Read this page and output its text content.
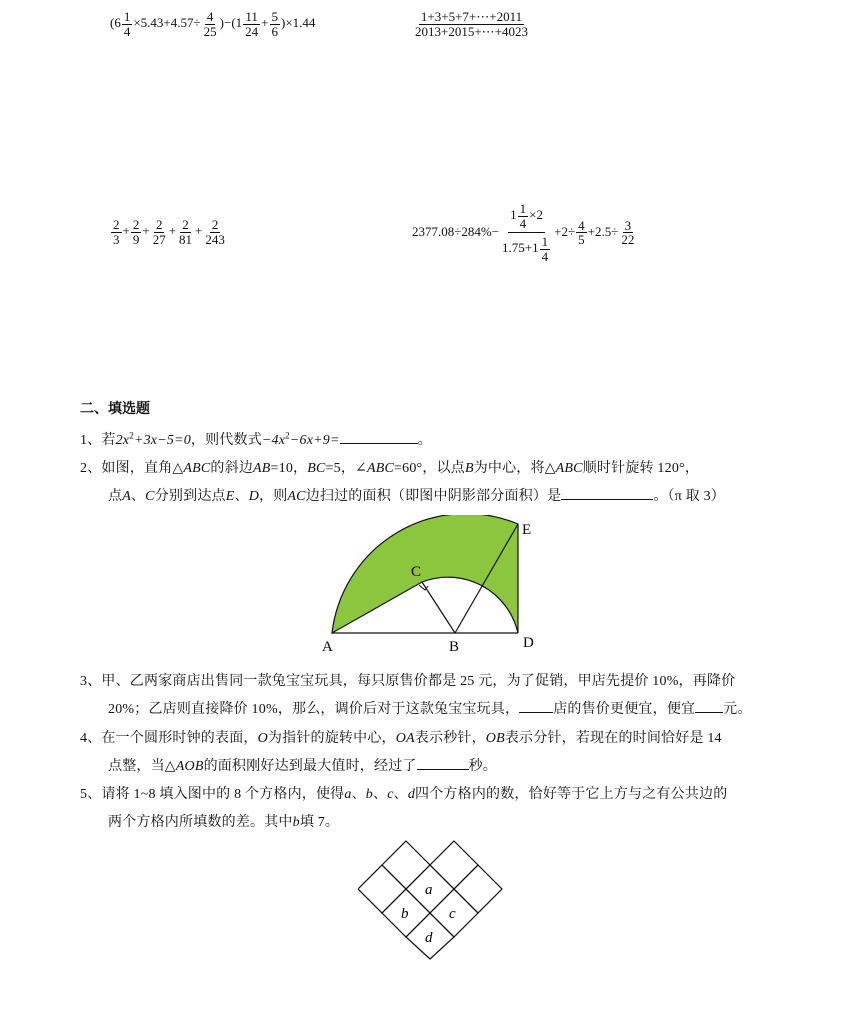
$(6 \frac{1}{4} \times 5.43+4.57\div \frac{4}{25} )-(1 \frac{11}{24} + \frac{5}{6} )\times 1.44$	$\frac{1+3+5+7+\cdots+2011}{2013+2015+\cdots+4023}$
$\frac{2}{3} + \frac{2}{9} + \frac{2}{27} + \frac{2}{81} + \frac{2}{243}$	$2377.08\div 284\%- \frac{1 \frac{1}{4} \times 2}{1.75+1 \frac{1}{4}} +2\div \frac{4}{5} +2.5\div \frac{3}{22}$
二、填选题
1、若$2x^2+3x-5=0$，则代数式$-4x^2-6x+9=$	。
2、如图，直角△ABC的斜边AB=10，BC=5，∠ABC=60°，以点B为中心，将△ABC顺时针旋转 120°，
点A、C分别到达点E、D，则AC边扫过的面积（即图中阴影部分面积）是	。（π 取 3）
A	B
C
D
E
3、甲、乙两家商店出售同一款兔宝宝玩具，每只原售价都是 25 元，为了促销，甲店先提价 10%，再降价
20%；乙店则直接降价 10%，那么，调价后对于这款兔宝宝玩具， 店的售价更便宜，便宜 元。
4、在一个圆形时钟的表面，O为指针的旋转中心，OA表示秒针，OB表示分针，若现在的时间恰好是 14
点整，当△AOB的面积刚好达到最大值时，经过了	秒。
5、请将 1~8 填入图中的 8 个方格内，使得a、b、c、d四个方格内的数，恰好等于它上方与之有公共边的
两个方格内所填数的差。其中b填 7。
a
b	c
d
